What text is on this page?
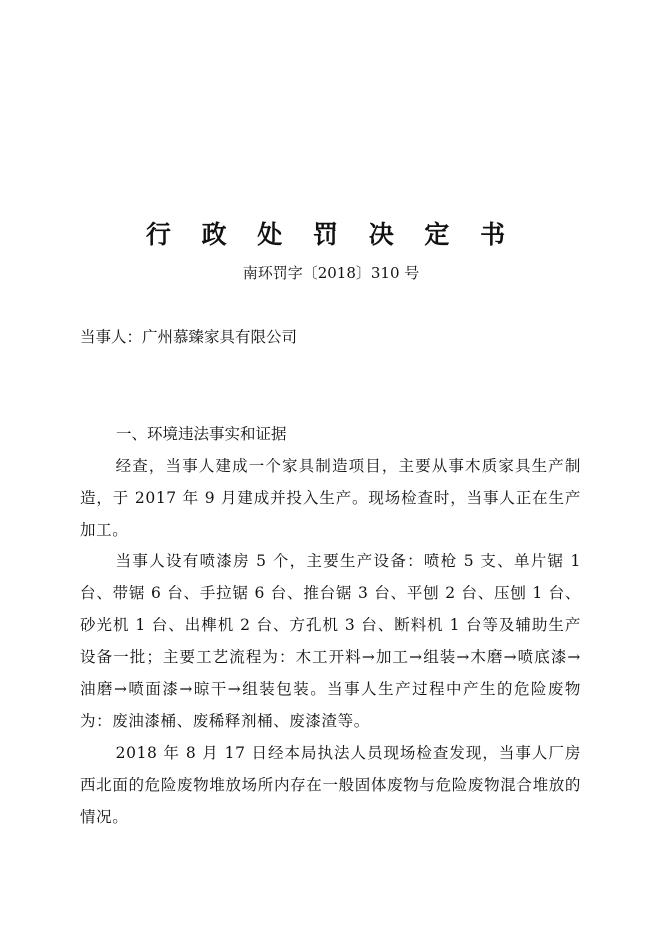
行 政 处 罚 决 定 书
南环罚字〔2018〕310 号
当事人：广州慕臻家具有限公司
一、环境违法事实和证据

经查，当事人建成一个家具制造项目，主要从事木质家具生产制造，于 2017 年 9 月建成并投入生产。现场检查时，当事人正在生产加工。

当事人设有喷漆房 5 个，主要生产设备：喷枪 5 支、单片锯 1 台、带锯 6 台、手拉锯 6 台、推台锯 3 台、平刨 2 台、压刨 1 台、砂光机 1 台、出榫机 2 台、方孔机 3 台、断料机 1 台等及辅助生产设备一批；主要工艺流程为：木工开料→加工→组装→木磨→喷底漆→油磨→喷面漆→晾干→组装包装。当事人生产过程中产生的危险废物为：废油漆桶、废稀释剂桶、废漆渣等。

2018 年 8 月 17 日经本局执法人员现场检查发现，当事人厂房西北面的危险废物堆放场所内存在一般固体废物与危险废物混合堆放的情况。
